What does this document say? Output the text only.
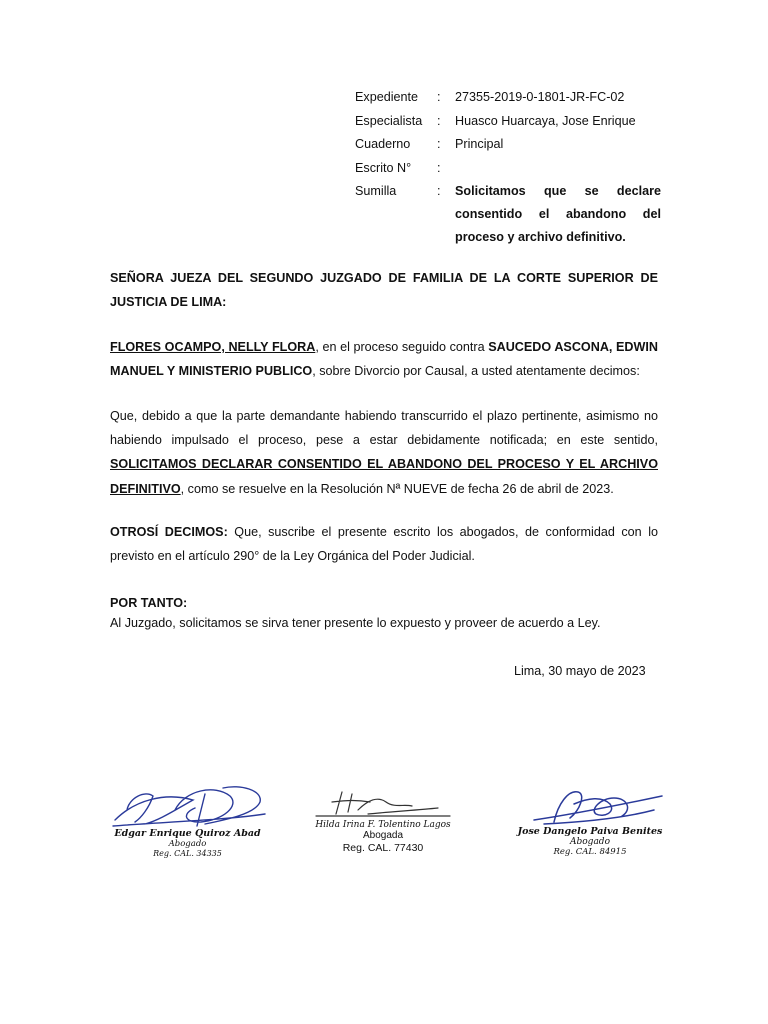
Expediente	:	27355-2019-0-1801-JR-FC-02
Especialista	:	Huasco Huarcaya, Jose Enrique
Cuaderno	:	Principal
Escrito N°	:
Sumilla	:	Solicitamos que se declare consentido el abandono del proceso y archivo definitivo.
SEÑORA JUEZA DEL SEGUNDO JUZGADO DE FAMILIA DE LA CORTE SUPERIOR DE JUSTICIA DE LIMA:
FLORES OCAMPO, NELLY FLORA, en el proceso seguido contra SAUCEDO ASCONA, EDWIN MANUEL Y MINISTERIO PUBLICO, sobre Divorcio por Causal, a usted atentamente decimos:
Que, debido a que la parte demandante habiendo transcurrido el plazo pertinente, asimismo no habiendo impulsado el proceso, pese a estar debidamente notificada; en este sentido, SOLICITAMOS DECLARAR CONSENTIDO EL ABANDONO DEL PROCESO Y EL ARCHIVO DEFINITIVO, como se resuelve en la Resolución Nª NUEVE de fecha 26 de abril de 2023.
OTROSÍ DECIMOS: Que, suscribe el presente escrito los abogados, de conformidad con lo previsto en el artículo 290° de la Ley Orgánica del Poder Judicial.
POR TANTO:
Al Juzgado, solicitamos se sirva tener presente lo expuesto y proveer de acuerdo a Ley.
Lima, 30 mayo de 2023
Edgar Enrique Quiroz Abad
Abogado
Reg. CAL. 34335
Hilda Irina F. Tolentino Lagos
Abogada
Reg. CAL. 77430
Jose Dangelo Paiva Benites
Abogado
Reg. CAL. 84915
